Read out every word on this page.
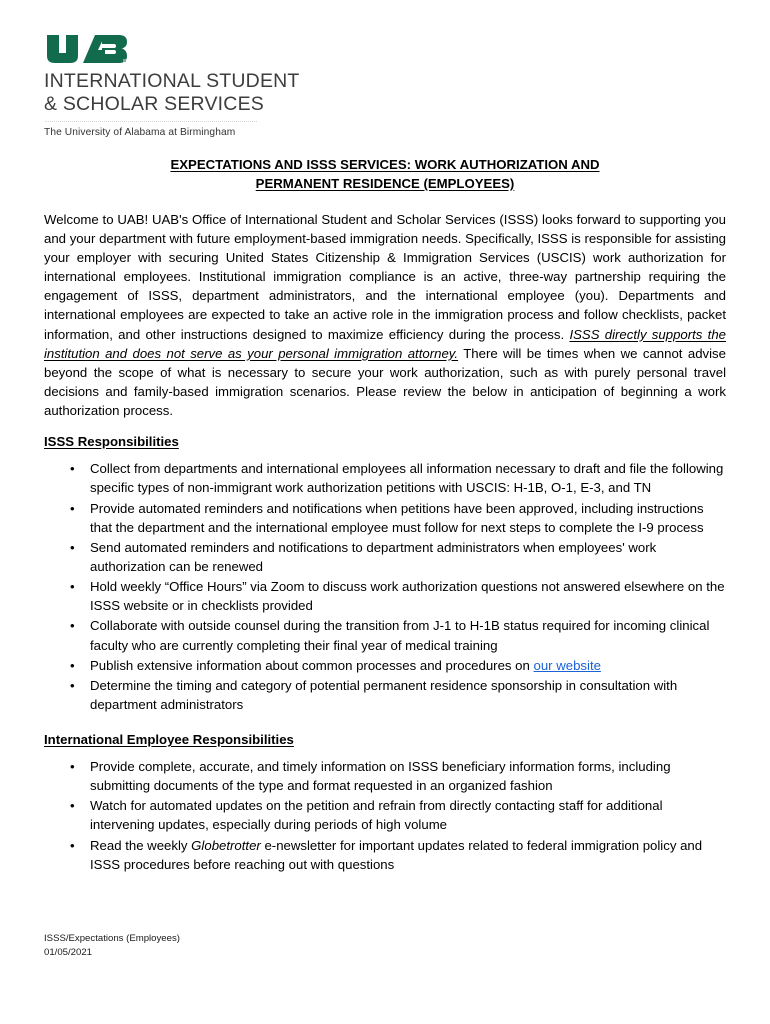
INTERNATIONAL STUDENT
& SCHOLAR SERVICES
The University of Alabama at Birmingham
EXPECTATIONS AND ISSS SERVICES: WORK AUTHORIZATION AND
PERMANENT RESIDENCE (EMPLOYEES)

Welcome to UAB! UAB's Office of International Student and Scholar Services (ISSS) looks forward to supporting you and your department with future employment-based immigration needs. Specifically, ISSS is responsible for assisting your employer with securing United States Citizenship & Immigration Services (USCIS) work authorization for international employees. Institutional immigration compliance is an active, three-way partnership requiring the engagement of ISSS, department administrators, and the international employee (you). Departments and international employees are expected to take an active role in the immigration process and follow checklists, packet information, and other instructions designed to maximize efficiency during the process. ISSS directly supports the institution and does not serve as your personal immigration attorney. There will be times when we cannot advise beyond the scope of what is necessary to secure your work authorization, such as with purely personal travel decisions and family-based immigration scenarios. Please review the below in anticipation of beginning a work authorization process.

ISSS Responsibilities
• Collect from departments and international employees all information necessary to draft and file the following specific types of non-immigrant work authorization petitions with USCIS: H-1B, O-1, E-3, and TN
• Provide automated reminders and notifications when petitions have been approved, including instructions that the department and the international employee must follow for next steps to complete the I-9 process
• Send automated reminders and notifications to department administrators when employees' work authorization can be renewed
• Hold weekly “Office Hours” via Zoom to discuss work authorization questions not answered elsewhere on the ISSS website or in checklists provided
• Collaborate with outside counsel during the transition from J-1 to H-1B status required for incoming clinical faculty who are currently completing their final year of medical training
• Publish extensive information about common processes and procedures on our website
• Determine the timing and category of potential permanent residence sponsorship in consultation with department administrators
International Employee Responsibilities
• Provide complete, accurate, and timely information on ISSS beneficiary information forms, including submitting documents of the type and format requested in an organized fashion
• Watch for automated updates on the petition and refrain from directly contacting staff for additional intervening updates, especially during periods of high volume
• Read the weekly Globetrotter e-newsletter for important updates related to federal immigration policy and ISSS procedures before reaching out with questions
ISSS/Expectations (Employees)
01/05/2021
